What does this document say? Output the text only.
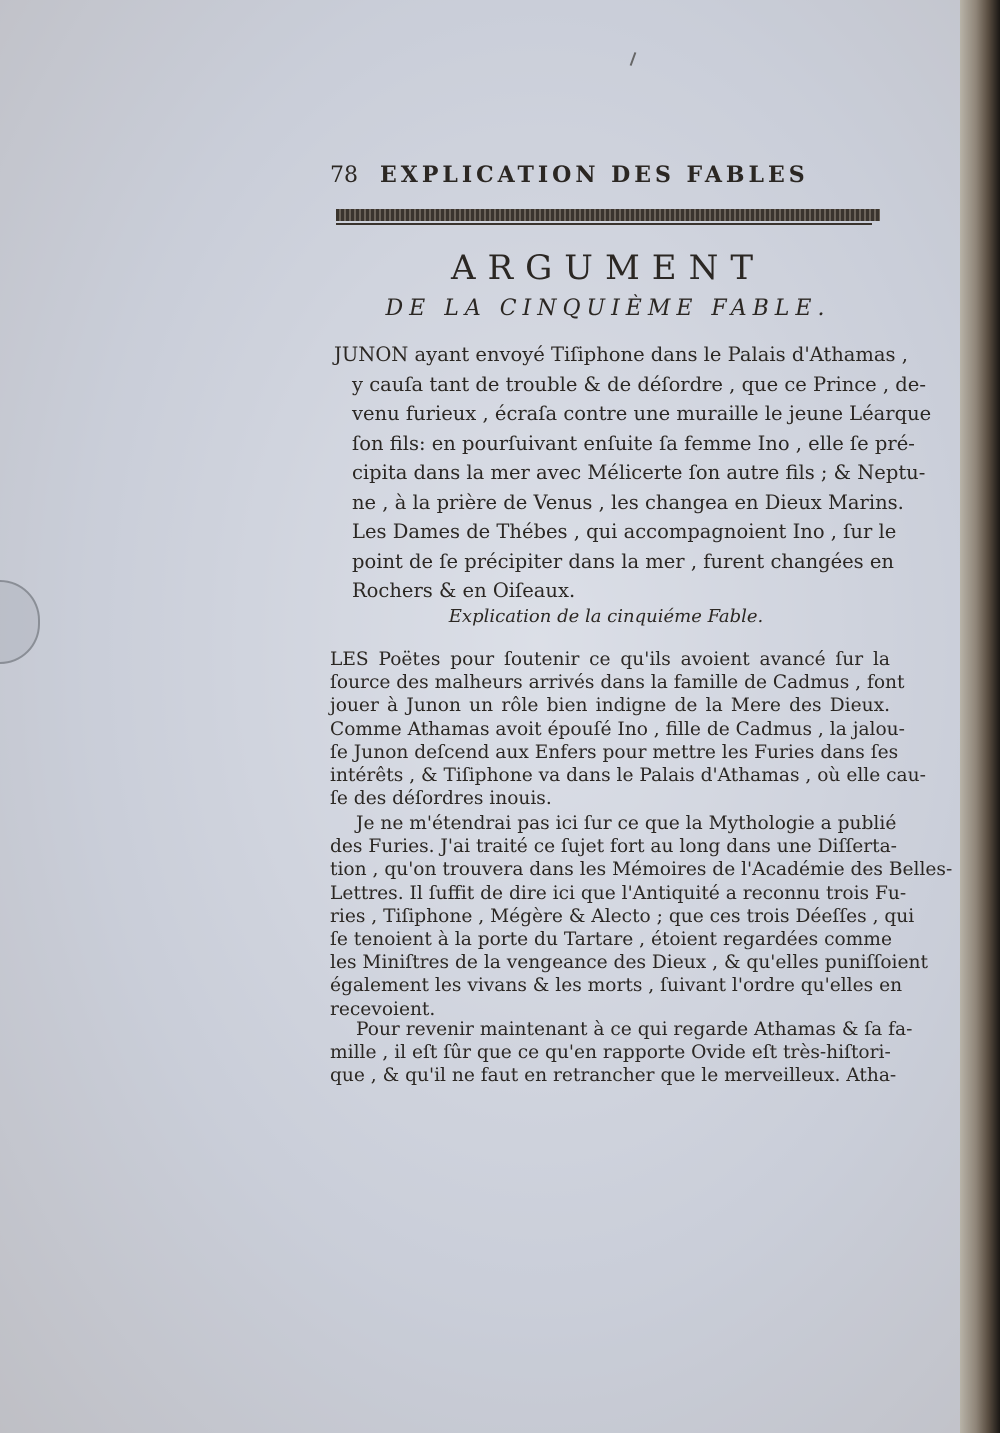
78 EXPLICATION DES FABLES
ARGUMENT
DE LA CINQUIÈME FABLE.
JUNON ayant envoyé Tiſiphone dans le Palais d'Athamas ,
y cauſa tant de trouble & de déſordre , que ce Prince , de-
venu furieux , écraſa contre une muraille le jeune Léarque
ſon fils: en pourſuivant enſuite ſa femme Ino , elle ſe pré-
cipita dans la mer avec Mélicerte ſon autre fils ; & Neptu-
ne , à la prière de Venus , les changea en Dieux Marins.
Les Dames de Thébes , qui accompagnoient Ino , ſur le
point de ſe précipiter dans la mer , furent changées en
Rochers & en Oiſeaux.
Explication de la cinquiéme Fable.
LES Poëtes pour ſoutenir ce qu'ils avoient avancé ſur la
ſource des malheurs arrivés dans la famille de Cadmus , font
jouer à Junon un rôle bien indigne de la Mere des Dieux.
Comme Athamas avoit épouſé Ino , fille de Cadmus , la jalou-
ſe Junon deſcend aux Enfers pour mettre les Furies dans ſes
intérêts , & Tiſiphone va dans le Palais d'Athamas , où elle cau-
ſe des déſordres inouis.
Je ne m'étendrai pas ici ſur ce que la Mythologie a publié
des Furies. J'ai traité ce ſujet fort au long dans une Diſſerta-
tion , qu'on trouvera dans les Mémoires de l'Académie des Belles-
Lettres. Il ſuffit de dire ici que l'Antiquité a reconnu trois Fu-
ries , Tiſiphone , Mégère & Alecto ; que ces trois Déeſſes , qui
ſe tenoient à la porte du Tartare , étoient regardées comme
les Miniſtres de la vengeance des Dieux , & qu'elles puniſſoient
également les vivans & les morts , ſuivant l'ordre qu'elles en
recevoient.
Pour revenir maintenant à ce qui regarde Athamas & ſa fa-
mille , il eſt ſûr que ce qu'en rapporte Ovide eſt très-hiſtori-
que , & qu'il ne faut en retrancher que le merveilleux. Atha-
